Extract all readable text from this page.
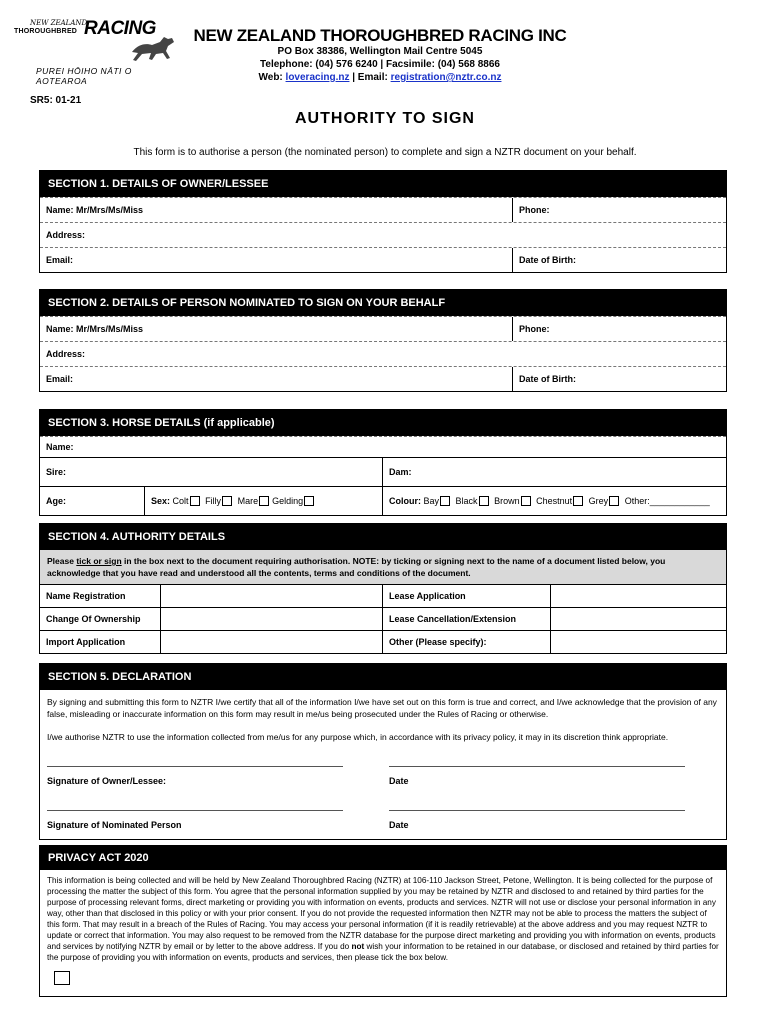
NEW ZEALAND
THOROUGHBRED RACING
PUREI HŌIHO NĀTI O AOTEAROA
NEW ZEALAND THOROUGHBRED RACING INC
PO Box 38386, Wellington Mail Centre 5045
Telephone: (04) 576 6240 | Facsimile: (04) 568 8866
Web: loveracing.nz | Email: registration@nztr.co.nz
SR5: 01-21
AUTHORITY TO SIGN
This form is to authorise a person (the nominated person) to complete and sign a NZTR document on your behalf.
SECTION 1. DETAILS OF OWNER/LESSEE
Name: Mr/Mrs/Ms/Miss	Phone:
Address:
Email:	Date of Birth:
SECTION 2. DETAILS OF PERSON NOMINATED TO SIGN ON YOUR BEHALF
Name: Mr/Mrs/Ms/Miss	Phone:
Address:
Email:	Date of Birth:
SECTION 3. HORSE DETAILS (if applicable)
Name:
Sire:	Dam:
Age:	Sex: Colt Filly Mare Gelding	Colour: Bay Black Brown Chestnut Grey Other:____________
SECTION 4. AUTHORITY DETAILS
Please tick or sign in the box next to the document requiring authorisation. NOTE: by ticking or signing next to the name of a document listed below, you acknowledge that you have read and understood all the contents, terms and conditions of the document.
Name Registration	Lease Application
Change Of Ownership	Lease Cancellation/Extension
Import Application	Other (Please specify):
SECTION 5. DECLARATION
By signing and submitting this form to NZTR I/we certify that all of the information I/we have set out on this form is true and correct, and I/we acknowledge that the provision of any false, misleading or inaccurate information on this form may result in me/us being prosecuted under the Rules of Racing or otherwise.
I/we authorise NZTR to use the information collected from me/us for any purpose which, in accordance with its privacy policy, it may in its discretion think appropriate.
Signature of Owner/Lessee:	Date
Signature of Nominated Person	Date
PRIVACY ACT 2020
This information is being collected and will be held by New Zealand Thoroughbred Racing (NZTR) at 106-110 Jackson Street, Petone, Wellington. It is being collected for the purpose of processing the matter the subject of this form. You agree that the personal information supplied by you may be retained by NZTR and disclosed to and retained by third parties for the purpose of processing relevant forms, direct marketing or providing you with information on events, products and services. NZTR will not use or disclose your personal information in any way, other than that disclosed in this policy or with your prior consent. If you do not provide the requested information then NZTR may not be able to process the matters the subject of this form. That may result in a breach of the Rules of Racing. You may access your personal information (if it is readily retrievable) at the above address and you may request NZTR to update or correct that information. You may also request to be removed from the NZTR database for the purpose direct marketing and providing you with information on events, products and services by notifying NZTR by email or by letter to the above address. If you do not wish your information to be retained in our database, or disclosed and retained by third parties for the purpose of providing you with information on events, products and services, then please tick the box below.
